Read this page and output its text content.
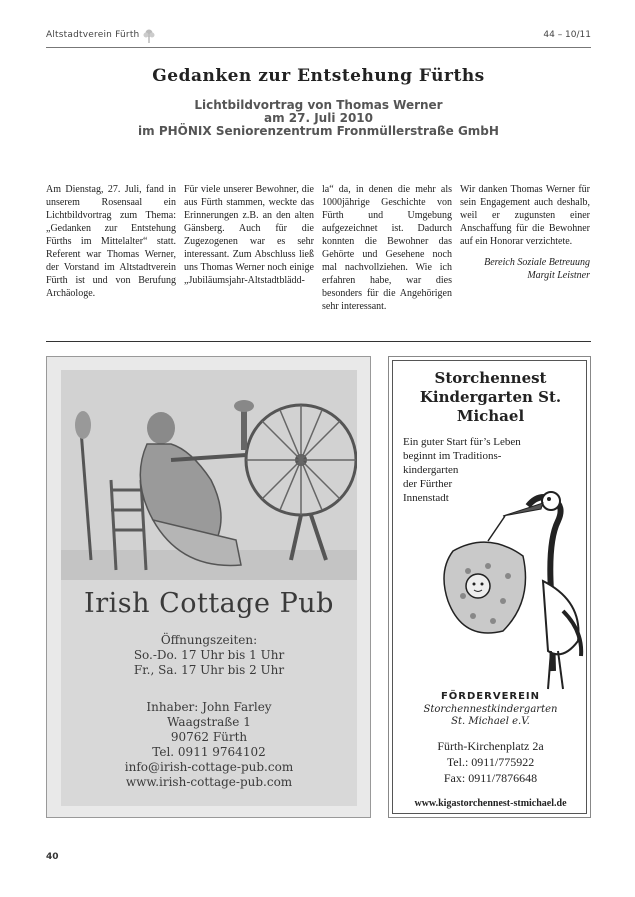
Altstadtverein Fürth	44 – 10/11
Gedanken zur Entstehung Fürths
Lichtbildvortrag von Thomas Werner
am 27. Juli 2010
im PHÖNIX Seniorenzentrum Fronmüllerstraße GmbH

Am Dienstag, 27. Juli, fand in unserem Rosensaal ein Lichtbildvortrag zum Thema: „Gedanken zur Entstehung Fürths im Mittelalter“ statt. Referent war Thomas Werner, der Vorstand im Altstadtverein Fürth ist und von Berufung Archäologe.

Für viele unserer Bewohner, die aus Fürth stammen, weckte das Erinnerungen z.B. an den alten Gänsberg. Auch für die Zugezogenen war es sehr interessant. Zum Abschluss ließ uns Thomas Werner noch einige „Jubiläumsjahr-Altstadtblädd-

la“ da, in denen die mehr als 1000jährige Geschichte von Fürth und Umgebung aufgezeichnet ist. Dadurch konnten die Bewohner das Gehörte und Gesehene noch mal nachvollziehen. Wie ich erfahren habe, war dies besonders für die Angehörigen sehr interessant.

Wir danken Thomas Werner für sein Engagement auch deshalb, weil er zugunsten einer Anschaffung für die Bewohner auf ein Honorar verzichtete.

Bereich Soziale Betreuung
Margit Leistner
Irish Cottage Pub
Öffnungszeiten:
So.-Do. 17 Uhr bis 1 Uhr
Fr., Sa. 17 Uhr bis 2 Uhr
Inhaber: John Farley
Waagstraße 1
90762 Fürth
Tel. 0911 9764102
info@irish-cottage-pub.com
www.irish-cottage-pub.com
Storchennest
Kindergarten St.
Michael
Ein guter Start für’s Leben
beginnt im Traditions-
kindergarten
der Fürther
Innenstadt
FÖRDERVEREIN
Storchennestkindergarten
St. Michael e.V.
Fürth-Kirchenplatz 2a
Tel.: 0911/775922
Fax: 0911/7876648
www.kigastorchennest-stmichael.de
40
